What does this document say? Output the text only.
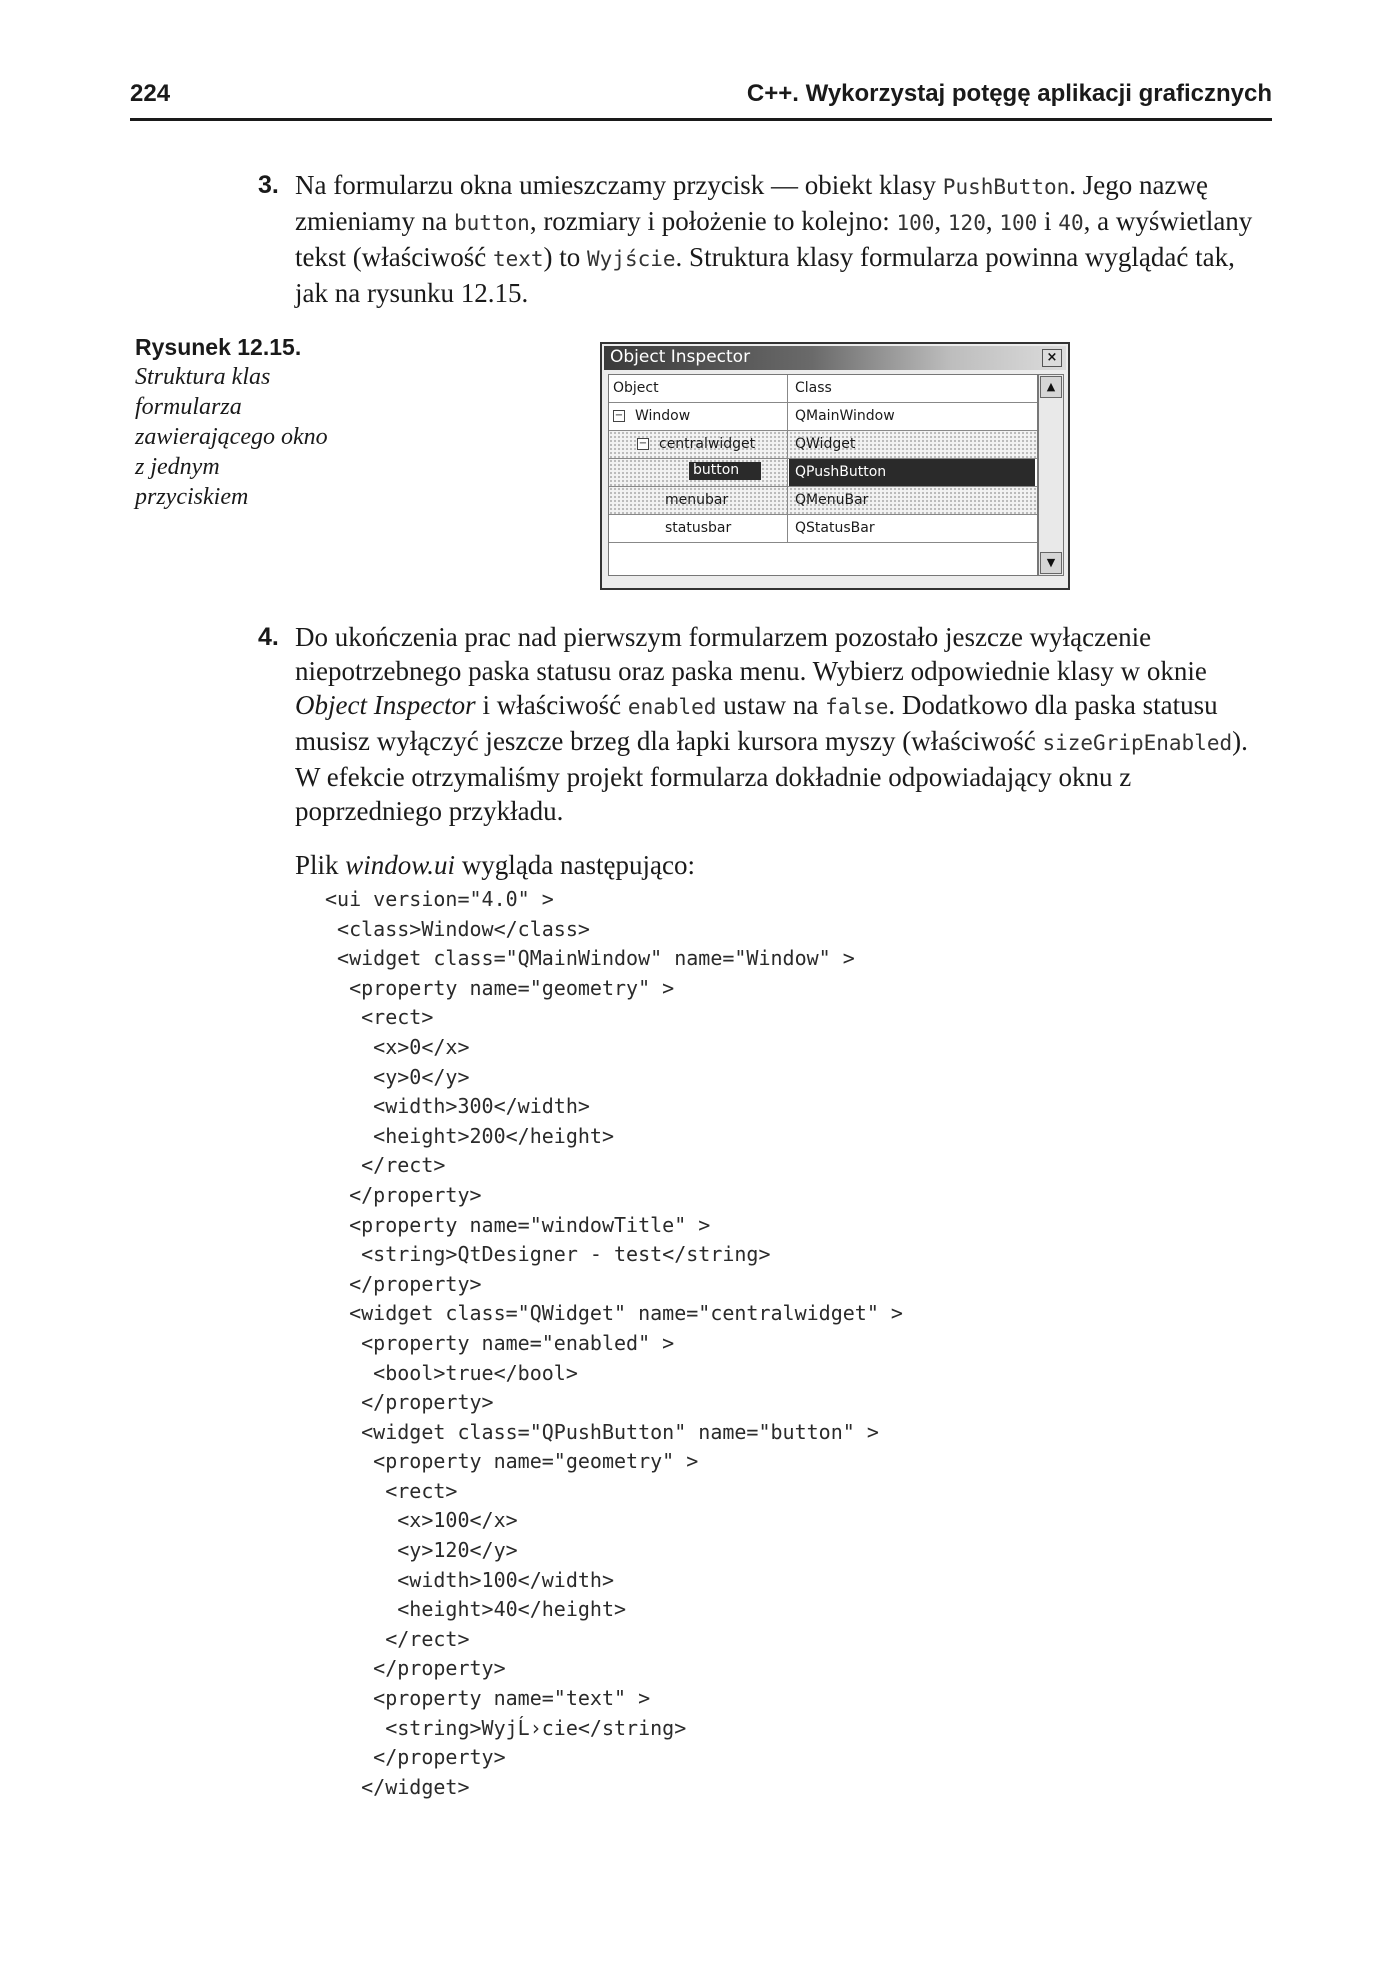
224	C++. Wykorzystaj potęgę aplikacji graficznych
3. Na formularzu okna umieszczamy przycisk — obiekt klasy PushButton. Jego nazwę zmieniamy na button, rozmiary i położenie to kolejno: 100, 120, 100 i 40, a wyświetlany tekst (właściwość text) to Wyjście. Struktura klasy formularza powinna wyglądać tak, jak na rysunku 12.15.
Rysunek 12.15.
Struktura klas formularza zawierającego okno z jednym przyciskiem
Object Inspector	×
Object	Class
− Window	QMainWindow
− centralwidget	QWidget
button	QPushButton
menubar	QMenuBar
statusbar	QStatusBar
▲
▼
4. Do ukończenia prac nad pierwszym formularzem pozostało jeszcze wyłączenie niepotrzebnego paska statusu oraz paska menu. Wybierz odpowiednie klasy w oknie Object Inspector i właściwość enabled ustaw na false. Dodatkowo dla paska statusu musisz wyłączyć jeszcze brzeg dla łapki kursora myszy (właściwość sizeGripEnabled). W efekcie otrzymaliśmy projekt formularza dokładnie odpowiadający oknu z poprzedniego przykładu.
Plik window.ui wygląda następująco:
<ui version="4.0" >
<class>Window</class>
<widget class="QMainWindow" name="Window" >
<property name="geometry" >
<rect>
<x>0</x>
<y>0</y>
<width>300</width>
<height>200</height>
</rect>
</property>
<property name="windowTitle" >
<string>QtDesigner - test</string>
</property>
<widget class="QWidget" name="centralwidget" >
<property name="enabled" >
<bool>true</bool>
</property>
<widget class="QPushButton" name="button" >
<property name="geometry" >
<rect>
<x>100</x>
<y>120</y>
<width>100</width>
<height>40</height>
</rect>
</property>
<property name="text" >
<string>WyjĹ›cie</string>
</property>
</widget>
